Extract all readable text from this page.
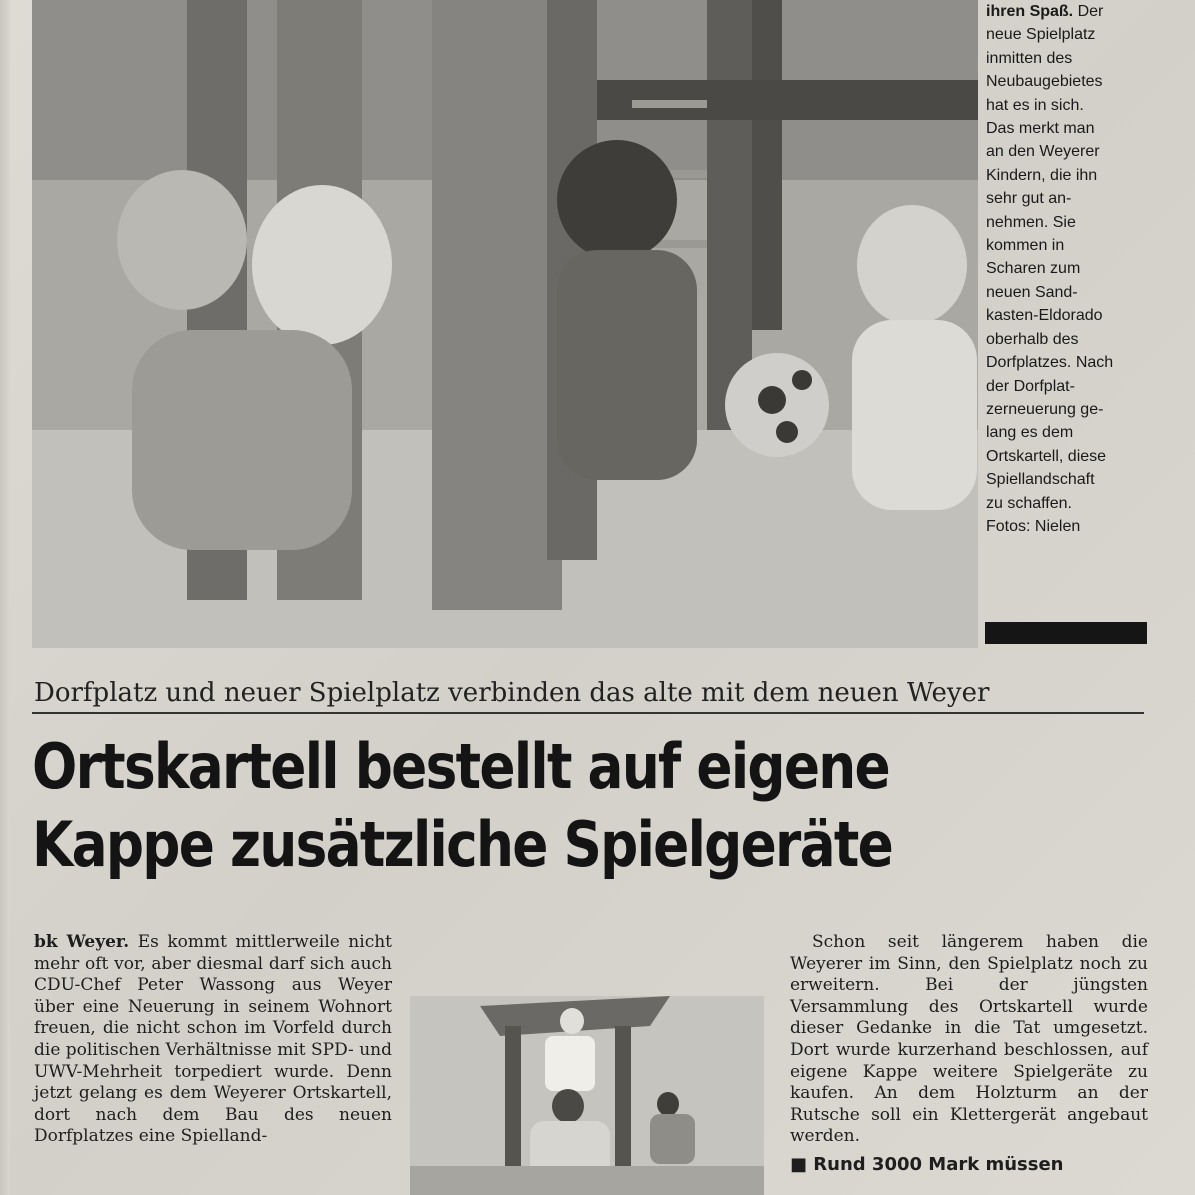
ihren Spaß. Der
neue Spielplatz
inmitten des
Neubaugebietes
hat es in sich.
Das merkt man
an den Weyerer
Kindern, die ihn
sehr gut an-
nehmen. Sie
kommen in
Scharen zum
neuen Sand-
kasten-Eldorado
oberhalb des
Dorfplatzes. Nach
der Dorfplat-
zerneuerung ge-
lang es dem
Ortskartell, diese
Spiellandschaft
zu schaffen.
Fotos: Nielen
Dorfplatz und neuer Spielplatz verbinden das alte mit dem neuen Weyer
Ortskartell bestellt auf eigene
Kappe zusätzliche Spielgeräte

bk Weyer. Es kommt mittlerweile nicht mehr oft vor, aber diesmal darf sich auch CDU-Chef Peter Wassong aus Weyer über eine Neuerung in seinem Wohnort freuen, die nicht schon im Vorfeld durch die politischen Verhältnisse mit SPD- und UWV-Mehrheit torpediert wurde. Denn jetzt gelang es dem Weyerer Ortskartell, dort nach dem Bau des neuen Dorfplatzes eine Spielland-

Schon seit längerem haben die Weyerer im Sinn, den Spielplatz noch zu erweitern. Bei der jüngsten Versammlung des Ortskartell wurde dieser Gedanke in die Tat umgesetzt. Dort wurde kurzerhand beschlossen, auf eigene Kappe weitere Spielgeräte zu kaufen. An dem Holzturm an der Rutsche soll ein Klettergerät angebaut werden.

■ Rund 3000 Mark müssen
